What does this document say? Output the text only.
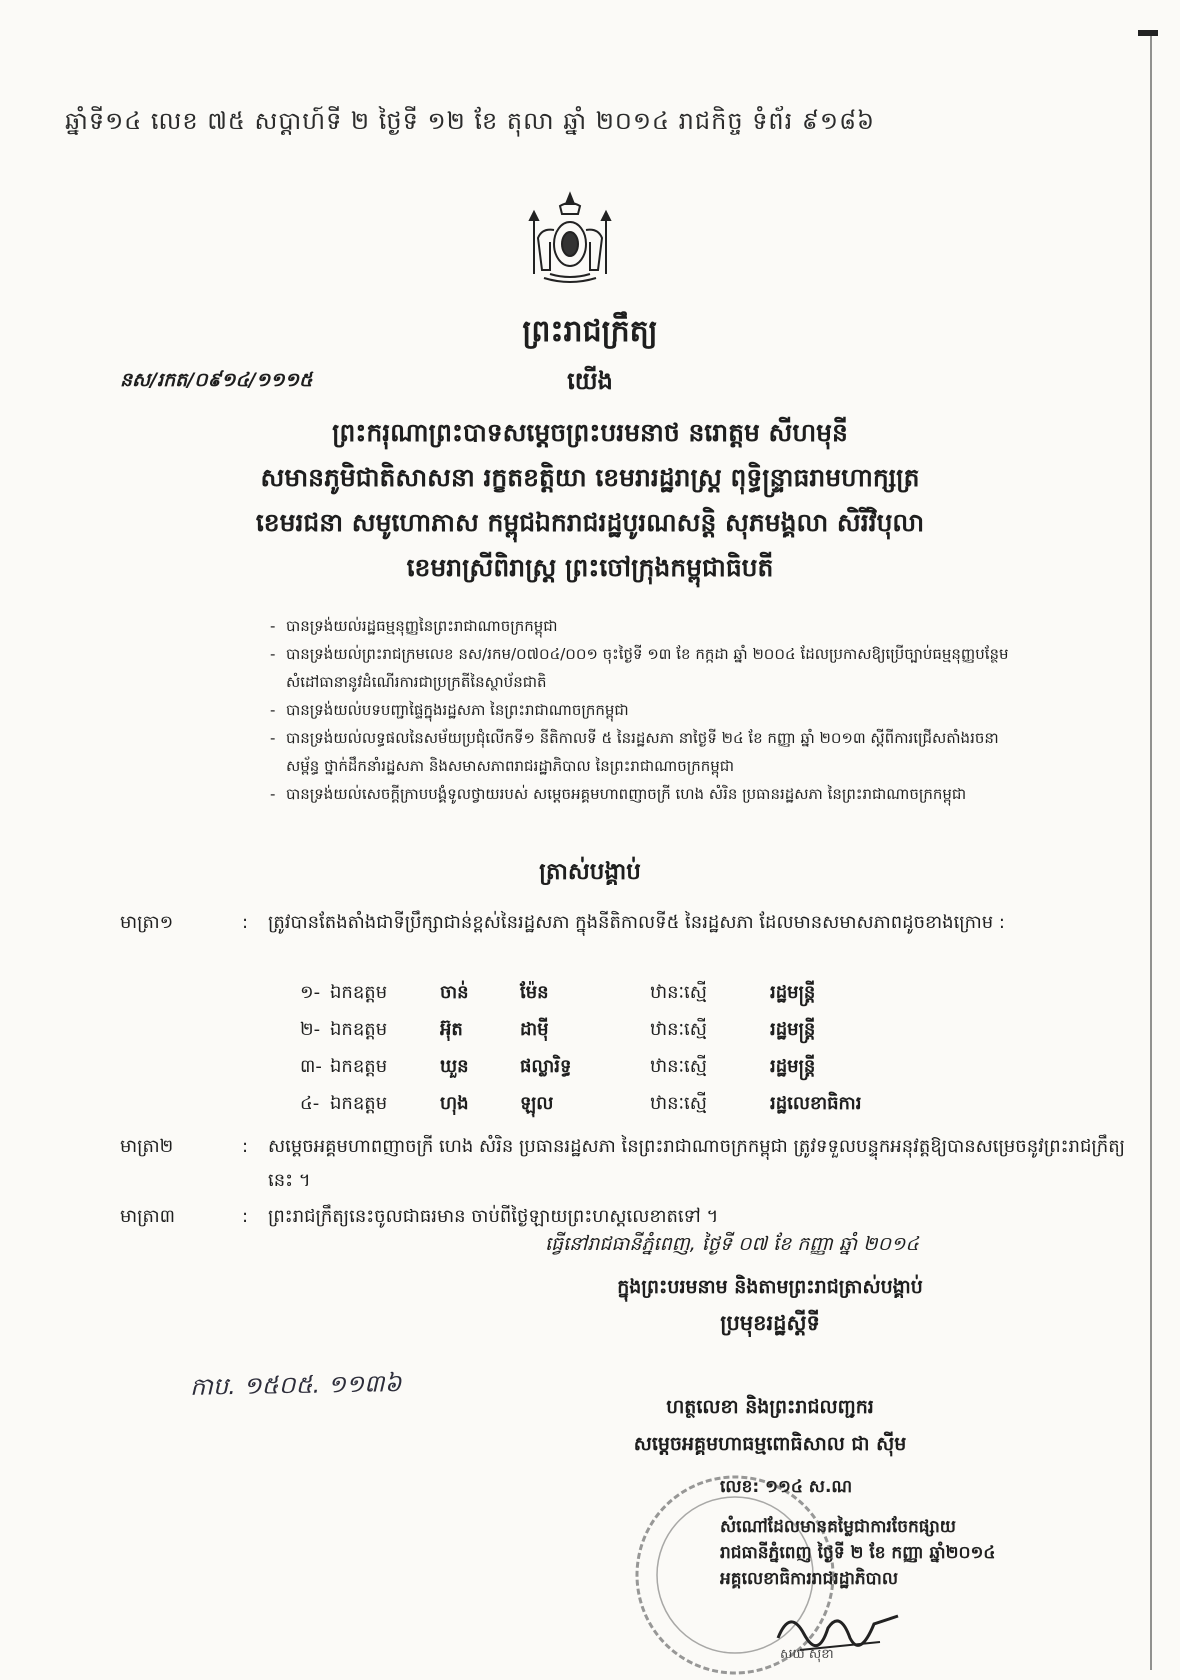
ឆ្នាំទី១៤ លេខ ៧៥ សប្តាហ៍ទី ២ ថ្ងៃទី ១២ ខែ តុលា ឆ្នាំ ២០១៤ រាជកិច្ច ទំព័រ ៩១៨៦
ព្រះរាជក្រឹត្យ
នស/រកត/០៩១៤/១១១៥	យើង
ព្រះករុណាព្រះបាទសម្តេចព្រះបរមនាថ នរោត្តម សីហមុនី
សមានភូមិជាតិសាសនា រក្ខតខត្តិយា ខេមរារដ្ឋរាស្ត្រ ពុទ្ធិន្ទ្រាធរាមហាក្សត្រ
ខេមរជនា សមូហោភាស កម្ពុជឯករាជរដ្ឋបូរណសន្តិ សុភមង្គលា សិរីវិបុលា
ខេមរាស្រីពិរាស្ត្រ ព្រះចៅក្រុងកម្ពុជាធិបតី
- បានទ្រង់យល់រដ្ឋធម្មនុញ្ញនៃព្រះរាជាណាចក្រកម្ពុជា
- បានទ្រង់យល់ព្រះរាជក្រមលេខ នស/រកម/០៧០៤/០០១ ចុះថ្ងៃទី ១៣ ខែ កក្កដា ឆ្នាំ ២០០៤ ដែលប្រកាសឱ្យប្រើច្បាប់ធម្មនុញ្ញបន្ថែម សំដៅធានានូវដំណើរការជាប្រក្រតីនៃស្ថាប័នជាតិ
- បានទ្រង់យល់បទបញ្ជាផ្ទៃក្នុងរដ្ឋសភា នៃព្រះរាជាណាចក្រកម្ពុជា
- បានទ្រង់យល់លទ្ធផលនៃសម័យប្រជុំលើកទី១ នីតិកាលទី ៥ នៃរដ្ឋសភា នាថ្ងៃទី ២៤ ខែ កញ្ញា ឆ្នាំ ២០១៣ ស្តីពីការជ្រើសតាំងរចនាសម្ព័ន្ធ ថ្នាក់ដឹកនាំរដ្ឋសភា និងសមាសភាពរាជរដ្ឋាភិបាល នៃព្រះរាជាណាចក្រកម្ពុជា
- បានទ្រង់យល់សេចក្តីក្រាបបង្គំទូលថ្វាយរបស់ សម្តេចអគ្គមហាពញាចក្រី ហេង សំរិន ប្រធានរដ្ឋសភា នៃព្រះរាជាណាចក្រកម្ពុជា
ត្រាស់បង្គាប់
មាត្រា១	: ត្រូវបានតែងតាំងជាទីប្រឹក្សាជាន់ខ្ពស់នៃរដ្ឋសភា ក្នុងនីតិកាលទី៥ នៃរដ្ឋសភា ដែលមានសមាសភាពដូចខាងក្រោម :
១- ឯកឧត្តម	ចាន់	ម៉ែន	ឋានៈស្មើ	រដ្ឋមន្ត្រី
២- ឯកឧត្តម	អ៊ុត	ដាម៉ី	ឋានៈស្មើ	រដ្ឋមន្ត្រី
៣- ឯកឧត្តម	ឃួន	ផល្លារិទ្ធ	ឋានៈស្មើ	រដ្ឋមន្ត្រី
៤- ឯកឧត្តម	ហុង	ឡុល	ឋានៈស្មើ	រដ្ឋលេខាធិការ
មាត្រា២	: សម្តេចអគ្គមហាពញាចក្រី ហេង សំរិន ប្រធានរដ្ឋសភា នៃព្រះរាជាណាចក្រកម្ពុជា ត្រូវទទួលបន្ទុកអនុវត្តឱ្យបានសម្រេចនូវព្រះរាជក្រឹត្យនេះ ។
មាត្រា៣	: ព្រះរាជក្រឹត្យនេះចូលជាធរមាន ចាប់ពីថ្ងៃឡាយព្រះហស្តលេខាតទៅ ។
ធ្វើនៅរាជធានីភ្នំពេញ, ថ្ងៃទី ០៧ ខែ កញ្ញា ឆ្នាំ ២០១៤
ក្នុងព្រះបរមនាម និងតាមព្រះរាជត្រាស់បង្គាប់
ប្រមុខរដ្ឋស្តីទី
ហត្ថលេខា និងព្រះរាជលញ្ជករ
សម្តេចអគ្គមហាធម្មពោធិសាល ជា ស៊ីម
កាប. ១៥០៥. ១១៣៦
លេខ: ១១៤ ស.ណ
សំណៅដែលមានគម្លៃជាការចែកផ្សាយ
រាជធានីភ្នំពេញ ថ្ងៃទី ២ ខែ កញ្ញា ឆ្នាំ២០១៤
អគ្គលេខាធិការរាជរដ្ឋាភិបាល
សយ សុខា
